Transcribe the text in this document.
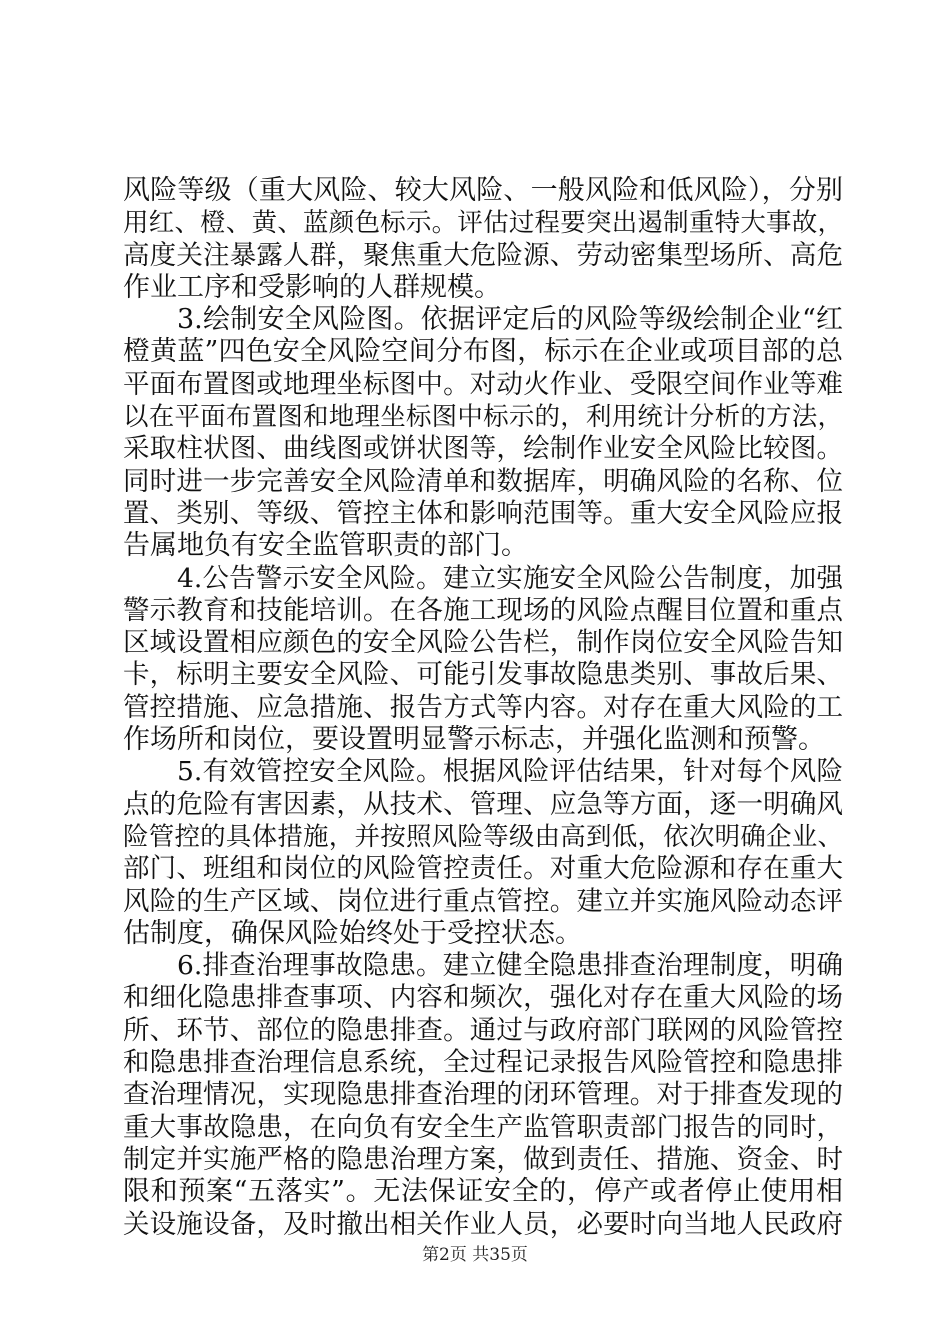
风险等级（重大风险、较大风险、一般风险和低风险），分别
用红、橙、黄、蓝颜色标示。评估过程要突出遏制重特大事故，
高度关注暴露人群，聚焦重大危险源、劳动密集型场所、高危
作业工序和受影响的人群规模。
3.绘制安全风险图。依据评定后的风险等级绘制企业“红
橙黄蓝”四色安全风险空间分布图，标示在企业或项目部的总
平面布置图或地理坐标图中。对动火作业、受限空间作业等难
以在平面布置图和地理坐标图中标示的，利用统计分析的方法，
采取柱状图、曲线图或饼状图等，绘制作业安全风险比较图。
同时进一步完善安全风险清单和数据库，明确风险的名称、位
置、类别、等级、管控主体和影响范围等。重大安全风险应报
告属地负有安全监管职责的部门。
4.公告警示安全风险。建立实施安全风险公告制度，加强
警示教育和技能培训。在各施工现场的风险点醒目位置和重点
区域设置相应颜色的安全风险公告栏，制作岗位安全风险告知
卡，标明主要安全风险、可能引发事故隐患类别、事故后果、
管控措施、应急措施、报告方式等内容。对存在重大风险的工
作场所和岗位，要设置明显警示标志，并强化监测和预警。
5.有效管控安全风险。根据风险评估结果，针对每个风险
点的危险有害因素，从技术、管理、应急等方面，逐一明确风
险管控的具体措施，并按照风险等级由高到低，依次明确企业、
部门、班组和岗位的风险管控责任。对重大危险源和存在重大
风险的生产区域、岗位进行重点管控。建立并实施风险动态评
估制度，确保风险始终处于受控状态。
6.排查治理事故隐患。建立健全隐患排查治理制度，明确
和细化隐患排查事项、内容和频次，强化对存在重大风险的场
所、环节、部位的隐患排查。通过与政府部门联网的风险管控
和隐患排查治理信息系统，全过程记录报告风险管控和隐患排
查治理情况，实现隐患排查治理的闭环管理。对于排查发现的
重大事故隐患，在向负有安全生产监管职责部门报告的同时，
制定并实施严格的隐患治理方案，做到责任、措施、资金、时
限和预案“五落实”。无法保证安全的，停产或者停止使用相
关设施设备，及时撤出相关作业人员，必要时向当地人民政府
第2页 共35页
